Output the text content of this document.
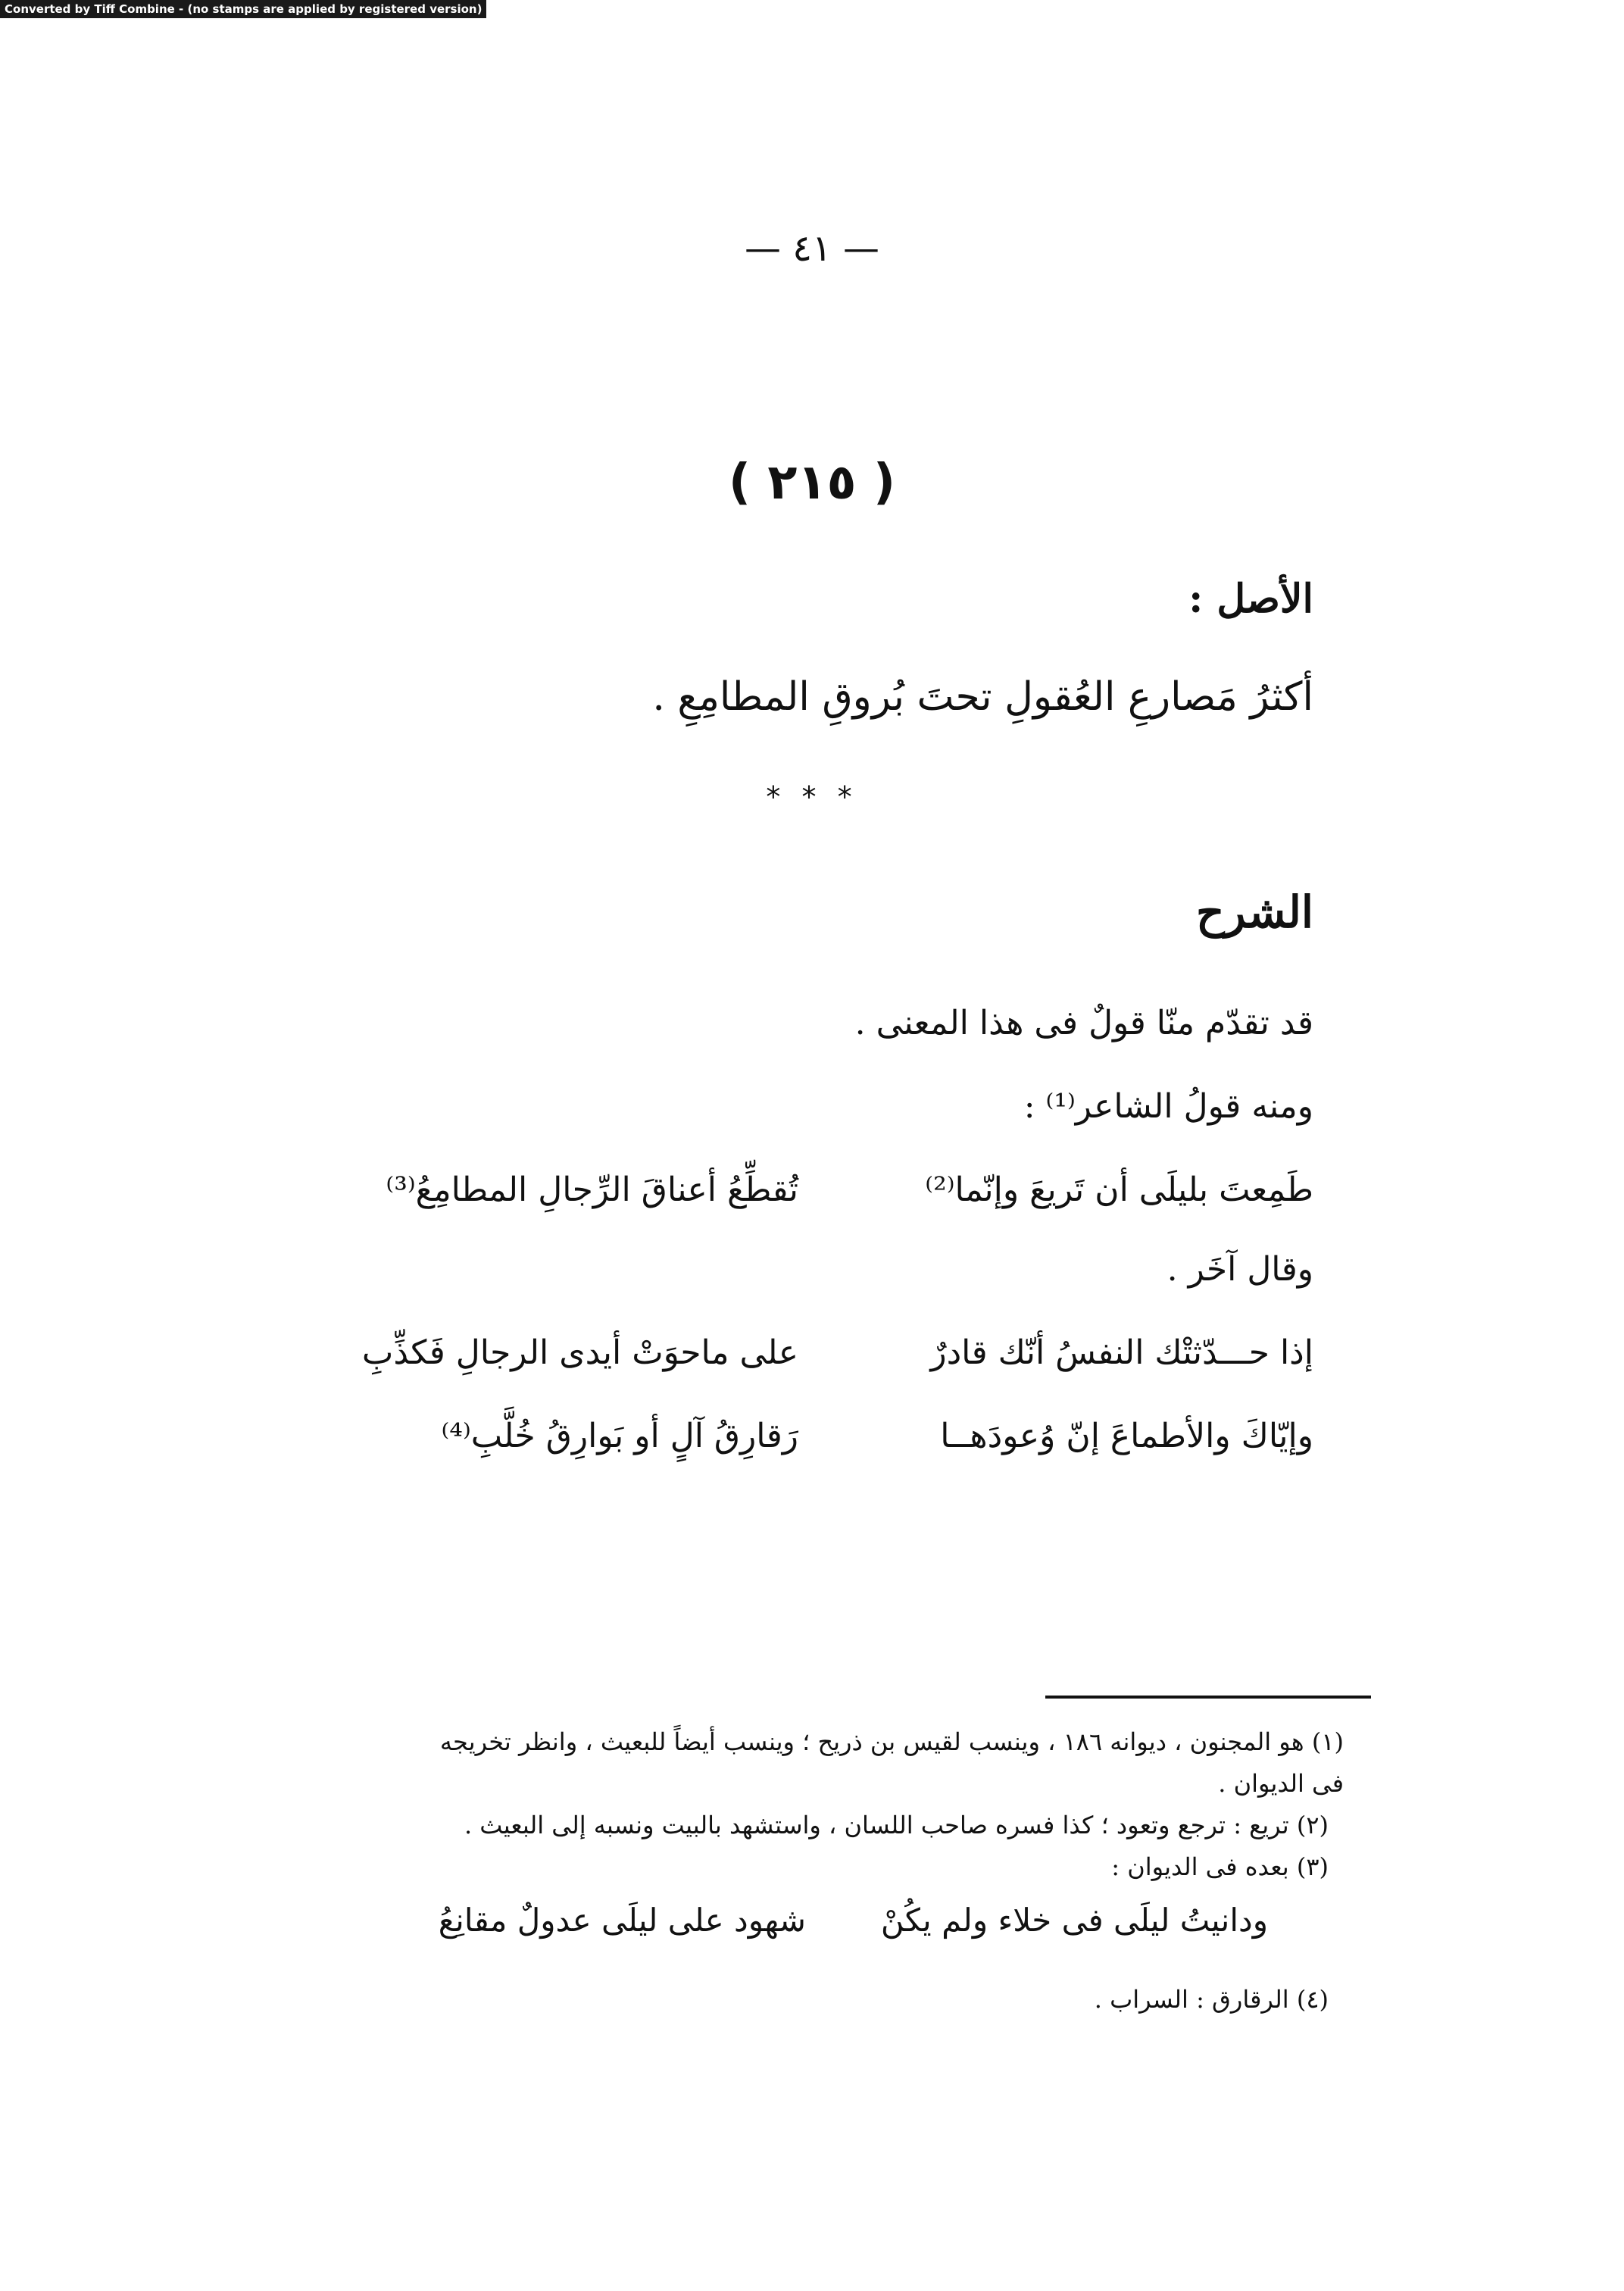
Converted by Tiff Combine - (no stamps are applied by registered version)
— ٤١ —
( ٢١٥ )
الأصل :
أكثرُ مَصارعِ العُقولِ تحتَ بُروقِ المطامِعِ .
* * *
الشرح
قد تقدّم منّا قولٌ فى هذا المعنى .
ومنه قولُ الشاعر⁽¹⁾ :
طَمِعتَ بليلَى أن تَريعَ وإنّما⁽²⁾
تُقطِّعُ أعناقَ الرِّجالِ المطامِعُ⁽³⁾
وقال آخَر .
إذا حـــدّثتْك النفسُ أنّك قادرٌ
على ماحوَتْ أيدى الرجالِ فَكذِّبِ
وإيّاكَ والأطماعَ إنّ وُعودَهــا
رَقارِقُ آلٍ أو بَوارِقُ خُلَّبِ⁽⁴⁾
(١) هو المجنون ، ديوانه ١٨٦ ، وينسب لقيس بن ذريح ؛ وينسب أيضاً للبعيث ، وانظر تخريجه
فى الديوان .
(٢) تريع : ترجع وتعود ؛ كذا فسره صاحب اللسان ، واستشهد بالبيت ونسبه إلى البعيث .
(٣) بعده فى الديوان :
ودانيتُ ليلَى فى خلاء ولم يكُنْ
شهود على ليلَى عدولٌ مقانِعُ
(٤) الرقارق : السراب .
